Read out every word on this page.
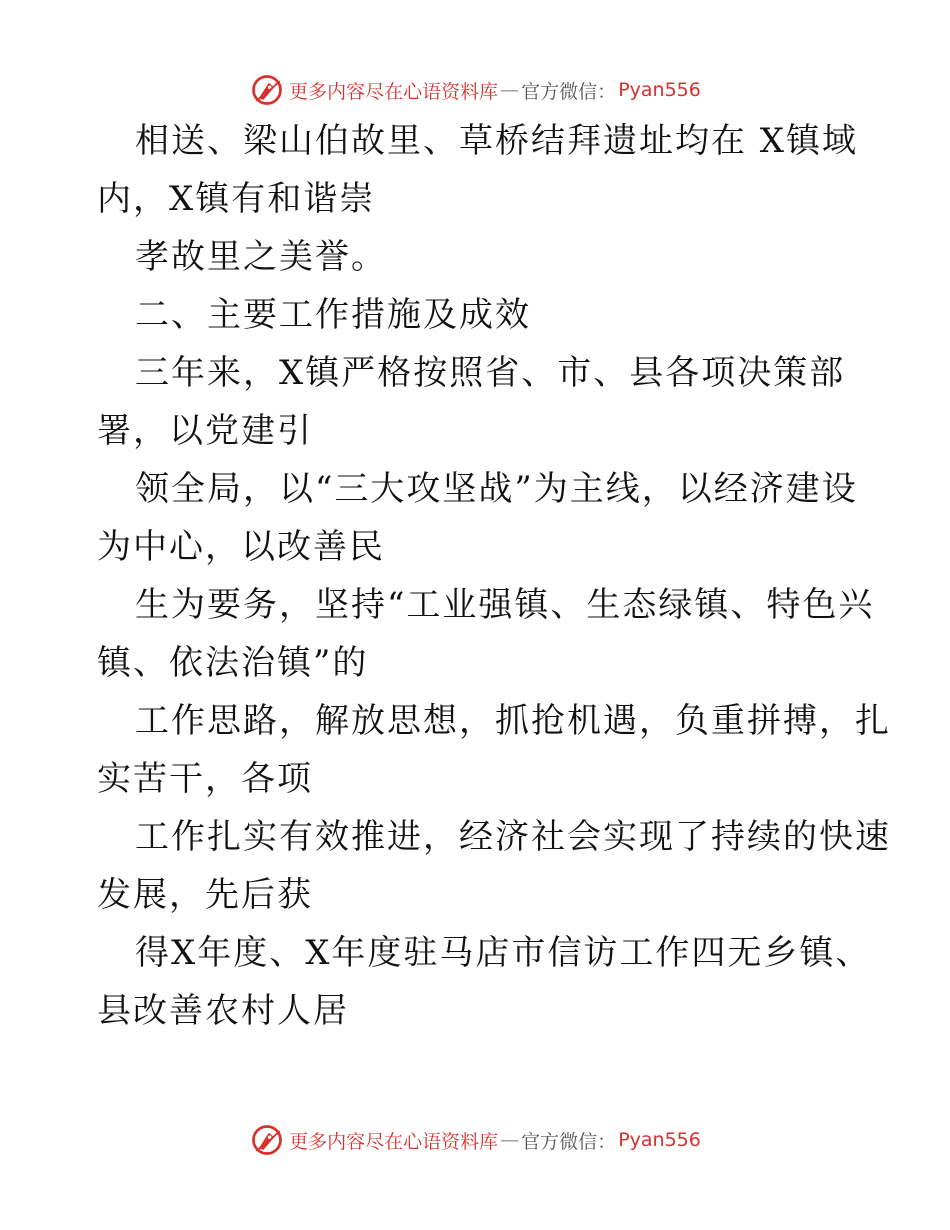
更多内容尽在心语资料库 — 官方微信： Pyan556
相送、梁山伯故里、草桥结拜遗址均在 X镇域
内，X镇有和谐崇
孝故里之美誉。
二、主要工作措施及成效
三年来，X镇严格按照省、市、县各项决策部
署，以党建引
领全局，以“三大攻坚战”为主线，以经济建设
为中心，以改善民
生为要务，坚持“工业强镇、生态绿镇、特色兴
镇、依法治镇”的
工作思路，解放思想，抓抢机遇，负重拼搏，扎
实苦干，各项
工作扎实有效推进，经济社会实现了持续的快速
发展，先后获
得X年度、X年度驻马店市信访工作四无乡镇、
县改善农村人居
更多内容尽在心语资料库 — 官方微信： Pyan556
